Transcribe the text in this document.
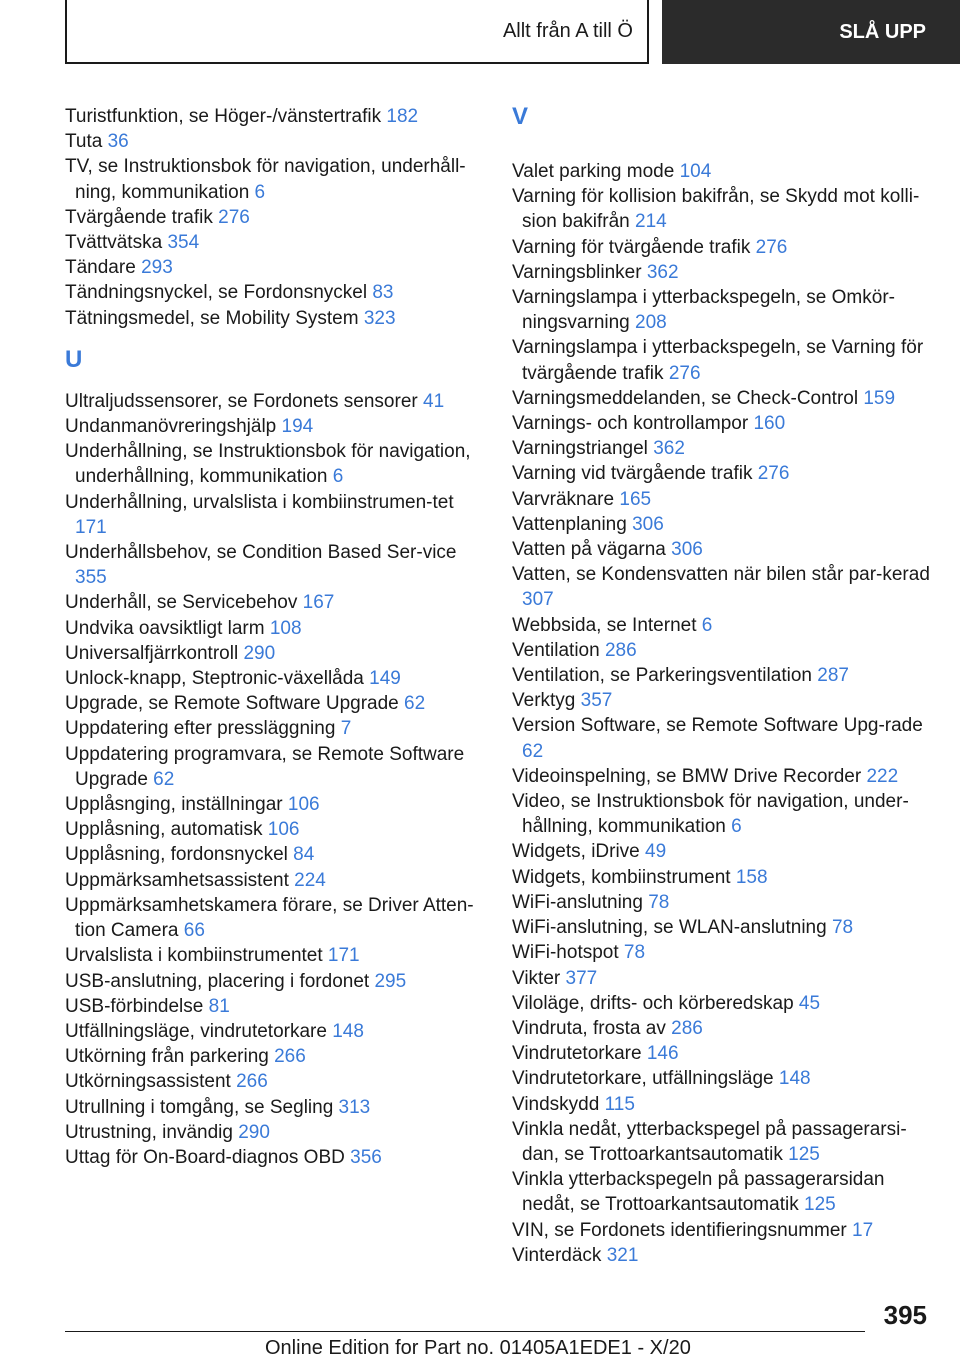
Allt från A till Ö	SLÅ UPP
Turistfunktion, se Höger-/vänstertrafik 182
Tuta 36
TV, se Instruktionsbok för navigation, underhåll‐ning, kommunikation 6
Tvärgående trafik 276
Tvättvätska 354
Tändare 293
Tändningsnyckel, se Fordonsnyckel 83
Tätningsmedel, se Mobility System 323
U
Ultraljudssensorer, se Fordonets sensorer 41
Undanmanövreringshjälp 194
Underhållning, se Instruktionsbok för navigation, underhållning, kommunikation 6
Underhållning, urvalslista i kombiinstrumen‐tet 171
Underhållsbehov, se Condition Based Ser‐vice 355
Underhåll, se Servicebehov 167
Undvika oavsiktligt larm 108
Universalfjärrkontroll 290
Unlock-knapp, Steptronic-växellåda 149
Upgrade, se Remote Software Upgrade 62
Uppdatering efter pressläggning 7
Uppdatering programvara, se Remote Software Upgrade 62
Upplåsnging, inställningar 106
Upplåsning, automatisk 106
Upplåsning, fordonsnyckel 84
Uppmärksamhetsassistent 224
Uppmärksamhetskamera förare, se Driver Atten‐tion Camera 66
Urvalslista i kombiinstrumentet 171
USB-anslutning, placering i fordonet 295
USB-förbindelse 81
Utfällningsläge, vindrutetorkare 148
Utkörning från parkering 266
Utkörningsassistent 266
Utrullning i tomgång, se Segling 313
Utrustning, invändig 290
Uttag för On-Board-diagnos OBD 356
V
Valet parking mode 104
Varning för kollision bakifrån, se Skydd mot kolli‐sion bakifrån 214
Varning för tvärgående trafik 276
Varningsblinker 362
Varningslampa i ytterbackspegeln, se Omkör‐ningsvarning 208
Varningslampa i ytterbackspegeln, se Varning för tvärgående trafik 276
Varningsmeddelanden, se Check-Control 159
Varnings- och kontrollampor 160
Varningstriangel 362
Varning vid tvärgående trafik 276
Varvräknare 165
Vattenplaning 306
Vatten på vägarna 306
Vatten, se Kondensvatten när bilen står par‐kerad 307
Webbsida, se Internet 6
Ventilation 286
Ventilation, se Parkeringsventilation 287
Verktyg 357
Version Software, se Remote Software Upg‐rade 62
Videoinspelning, se BMW Drive Recorder 222
Video, se Instruktionsbok för navigation, under‐hållning, kommunikation 6
Widgets, iDrive 49
Widgets, kombiinstrument 158
WiFi-anslutning 78
WiFi-anslutning, se WLAN-anslutning 78
WiFi-hotspot 78
Vikter 377
Viloläge, drifts- och körberedskap 45
Vindruta, frosta av 286
Vindrutetorkare 146
Vindrutetorkare, utfällningsläge 148
Vindskydd 115
Vinkla nedåt, ytterbackspegel på passagerarsi‐dan, se Trottoarkantsautomatik 125
Vinkla ytterbackspegeln på passagerarsidan nedåt, se Trottoarkantsautomatik 125
VIN, se Fordonets identifieringsnummer 17
Vinterdäck 321
395
Online Edition for Part no. 01405A1EDE1 - X/20
